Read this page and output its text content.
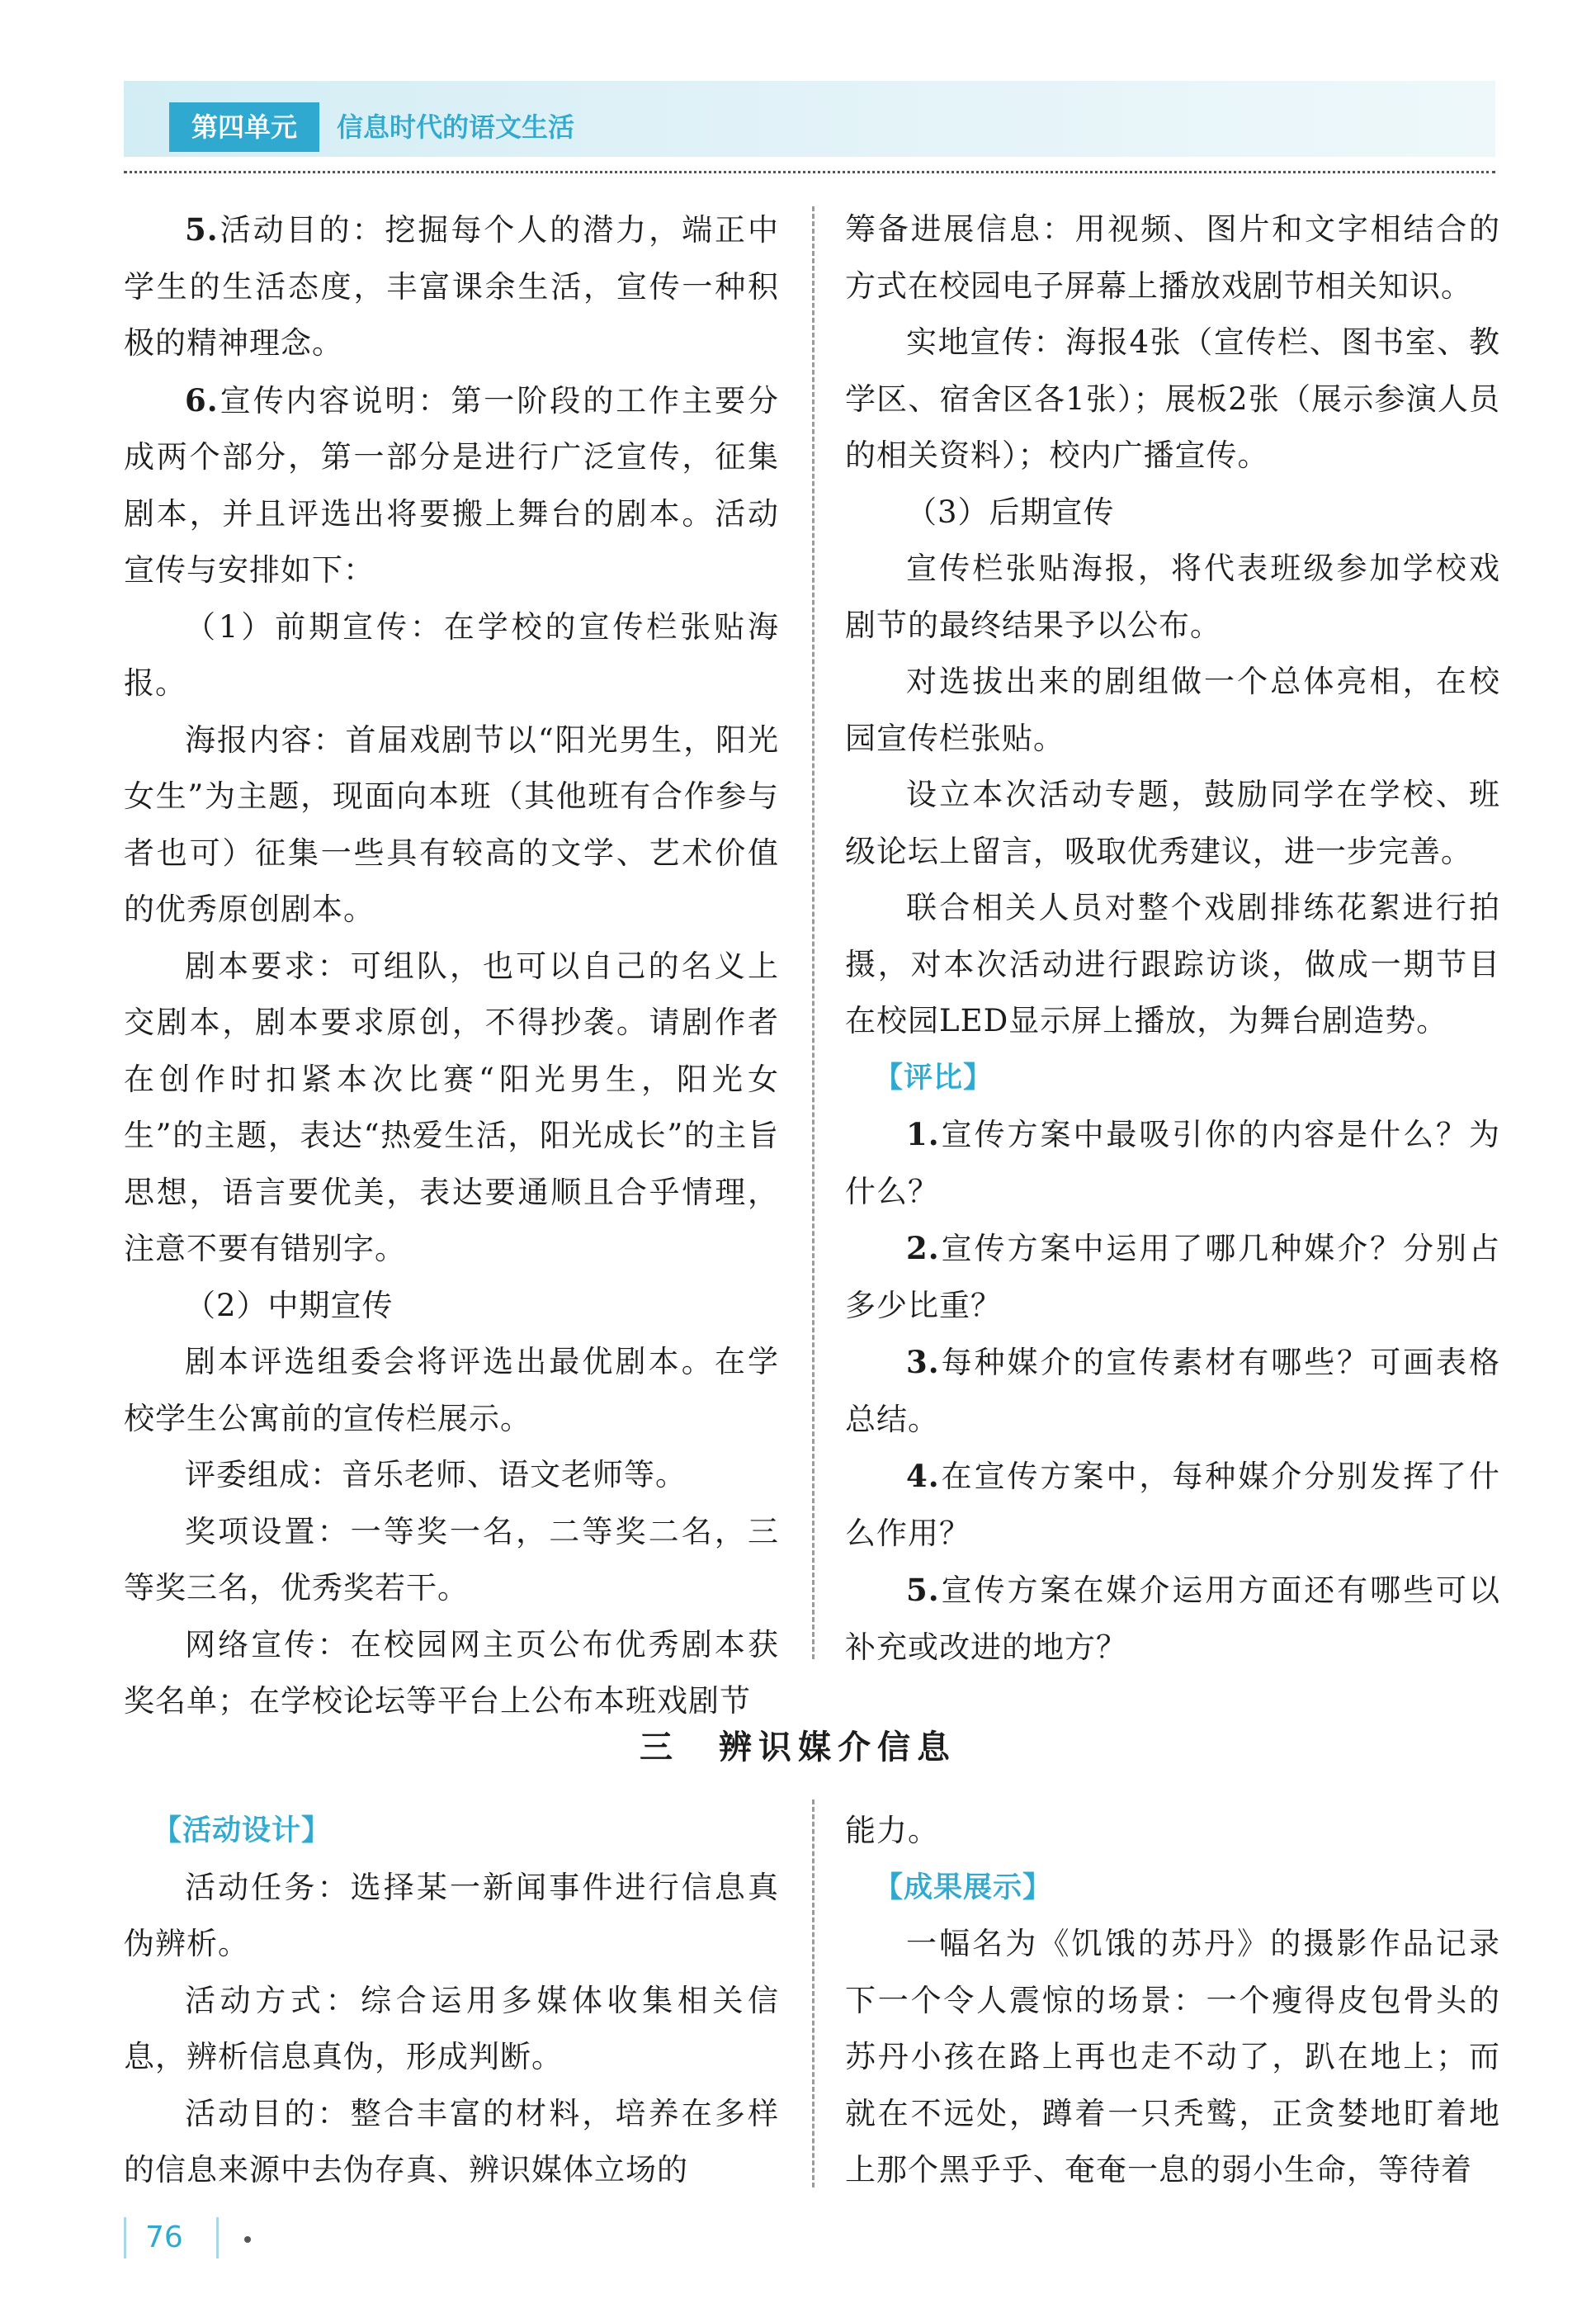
第四单元	信息时代的语文生活

5.活动目的：挖掘每个人的潜力，端正中学生的生活态度，丰富课余生活，宣传一种积极的精神理念。

6.宣传内容说明：第一阶段的工作主要分成两个部分，第一部分是进行广泛宣传，征集剧本，并且评选出将要搬上舞台的剧本。活动宣传与安排如下：

（1）前期宣传：在学校的宣传栏张贴海报。

海报内容：首届戏剧节以“阳光男生，阳光女生”为主题，现面向本班（其他班有合作参与者也可）征集一些具有较高的文学、艺术价值的优秀原创剧本。

剧本要求：可组队，也可以自己的名义上交剧本，剧本要求原创，不得抄袭。请剧作者在创作时扣紧本次比赛“阳光男生，阳光女生”的主题，表达“热爱生活，阳光成长”的主旨思想，语言要优美，表达要通顺且合乎情理，注意不要有错别字。

（2）中期宣传

剧本评选组委会将评选出最优剧本。在学校学生公寓前的宣传栏展示。

评委组成：音乐老师、语文老师等。

奖项设置：一等奖一名，二等奖二名，三等奖三名，优秀奖若干。

网络宣传：在校园网主页公布优秀剧本获奖名单；在学校论坛等平台上公布本班戏剧节

筹备进展信息：用视频、图片和文字相结合的方式在校园电子屏幕上播放戏剧节相关知识。

实地宣传：海报4张（宣传栏、图书室、教学区、宿舍区各1张）；展板2张（展示参演人员的相关资料）；校内广播宣传。

（3）后期宣传

宣传栏张贴海报，将代表班级参加学校戏剧节的最终结果予以公布。

对选拔出来的剧组做一个总体亮相，在校园宣传栏张贴。

设立本次活动专题，鼓励同学在学校、班级论坛上留言，吸取优秀建议，进一步完善。

联合相关人员对整个戏剧排练花絮进行拍摄，对本次活动进行跟踪访谈，做成一期节目在校园LED显示屏上播放，为舞台剧造势。

【评比】

1.宣传方案中最吸引你的内容是什么？为什么？

2.宣传方案中运用了哪几种媒介？分别占多少比重？

3.每种媒介的宣传素材有哪些？可画表格总结。

4.在宣传方案中，每种媒介分别发挥了什么作用？

5.宣传方案在媒介运用方面还有哪些可以补充或改进的地方？

三　辨识媒介信息

【活动设计】

活动任务：选择某一新闻事件进行信息真伪辨析。

活动方式：综合运用多媒体收集相关信息，辨析信息真伪，形成判断。

活动目的：整合丰富的材料，培养在多样的信息来源中去伪存真、辨识媒体立场的

能力。

【成果展示】

一幅名为《饥饿的苏丹》的摄影作品记录下一个令人震惊的场景：一个瘦得皮包骨头的苏丹小孩在路上再也走不动了，趴在地上；而就在不远处，蹲着一只秃鹫，正贪婪地盯着地上那个黑乎乎、奄奄一息的弱小生命，等待着

76
